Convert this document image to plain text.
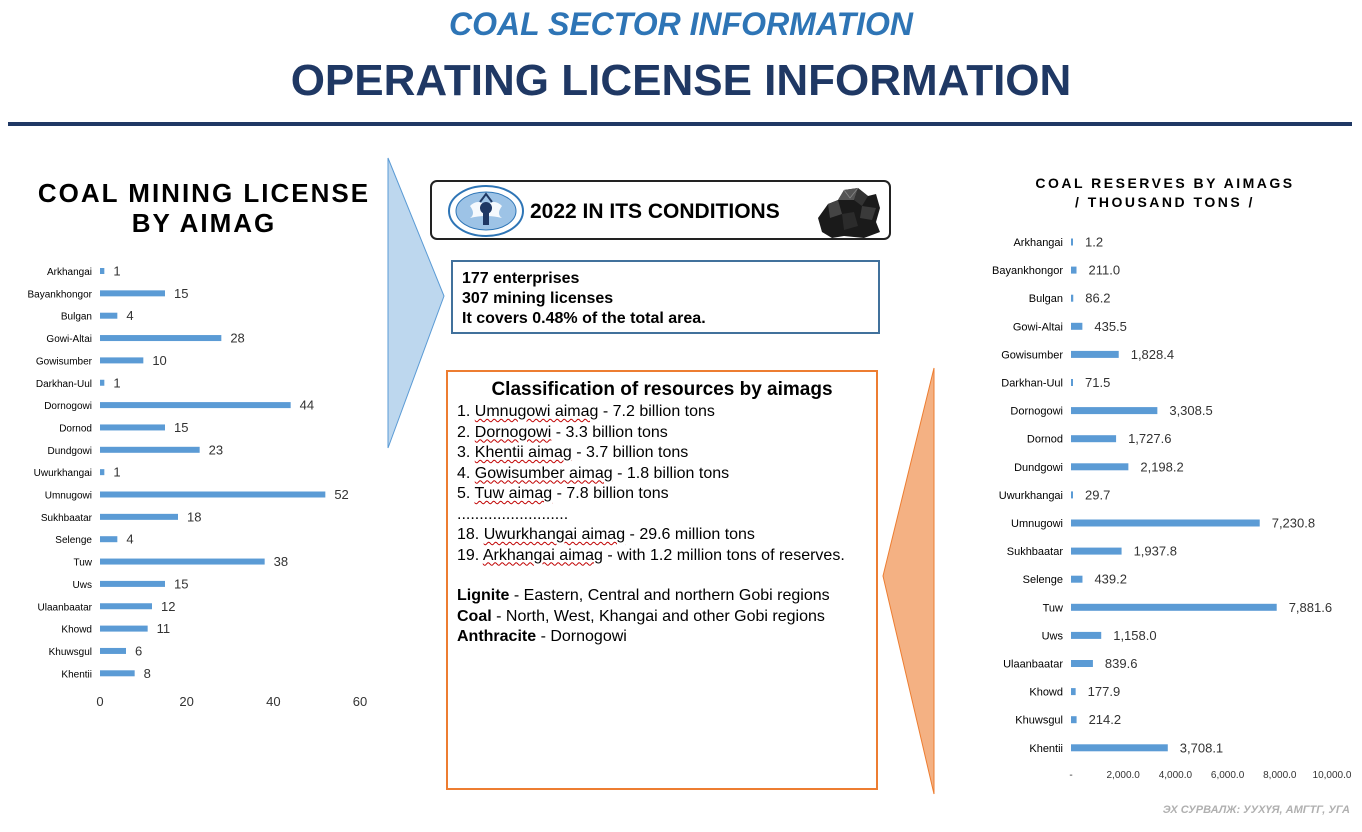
COAL SECTOR INFORMATION
OPERATING LICENSE INFORMATION
COAL MINING LICENSE
BY AIMAG
COAL RESERVES BY AIMAGS
/ THOUSAND TONS /
Arkhangai 1
Bayankhongor	15
Bulgan	4
Gowi-Altai	28
Gowisumber	10
Darkhan-Uul 1
Dornogowi	44
Dornod	15
Dundgowi	23
Uwurkhangai 1
Umnugowi	52
Sukhbaatar	18
Selenge	4
Tuw	38
Uws	15
Ulaanbaatar	12
Khowd	11
Khuwsgul	6
Khentii	8
0	20	40	60
Arkhangai 1.2
Bayankhongor 211.0
Bulgan 86.2
Gowi-Altai 435.5
Gowisumber	1,828.4
Darkhan-Uul 71.5
Dornogowi	3,308.5
Dornod	1,727.6
Dundgowi	2,198.2
Uwurkhangai 29.7
Umnugowi	7,230.8
Sukhbaatar	1,937.8
Selenge 439.2
Tuw	7,881.6
Uws	1,158.0
Ulaanbaatar	839.6
Khowd 177.9
Khuwsgul 214.2
Khentii	3,708.1
-	2,000.0 4,000.0 6,000.0 8,000.0 10,000.0
2022 IN ITS CONDITIONS
177 enterprises
307 mining licenses
It covers 0.48% of the total area.
Classification of resources by aimags
1. Umnugowi aimag - 7.2 billion tons
2. Dornogowi - 3.3 billion tons
3. Khentii aimag - 3.7 billion tons
4. Gowisumber aimag - 1.8 billion tons
5. Tuw aimag - 7.8 billion tons
.........................
18. Uwurkhangai aimag - 29.6 million tons
19. Arkhangai aimag - with 1.2 million tons of reserves.
Lignite - Eastern, Central and northern Gobi regions
Coal - North, West, Khangai and other Gobi regions
Anthracite - Dornogowi
ЭХ СУРВАЛЖ: УУХҮЯ, АМГТГ, УГА
